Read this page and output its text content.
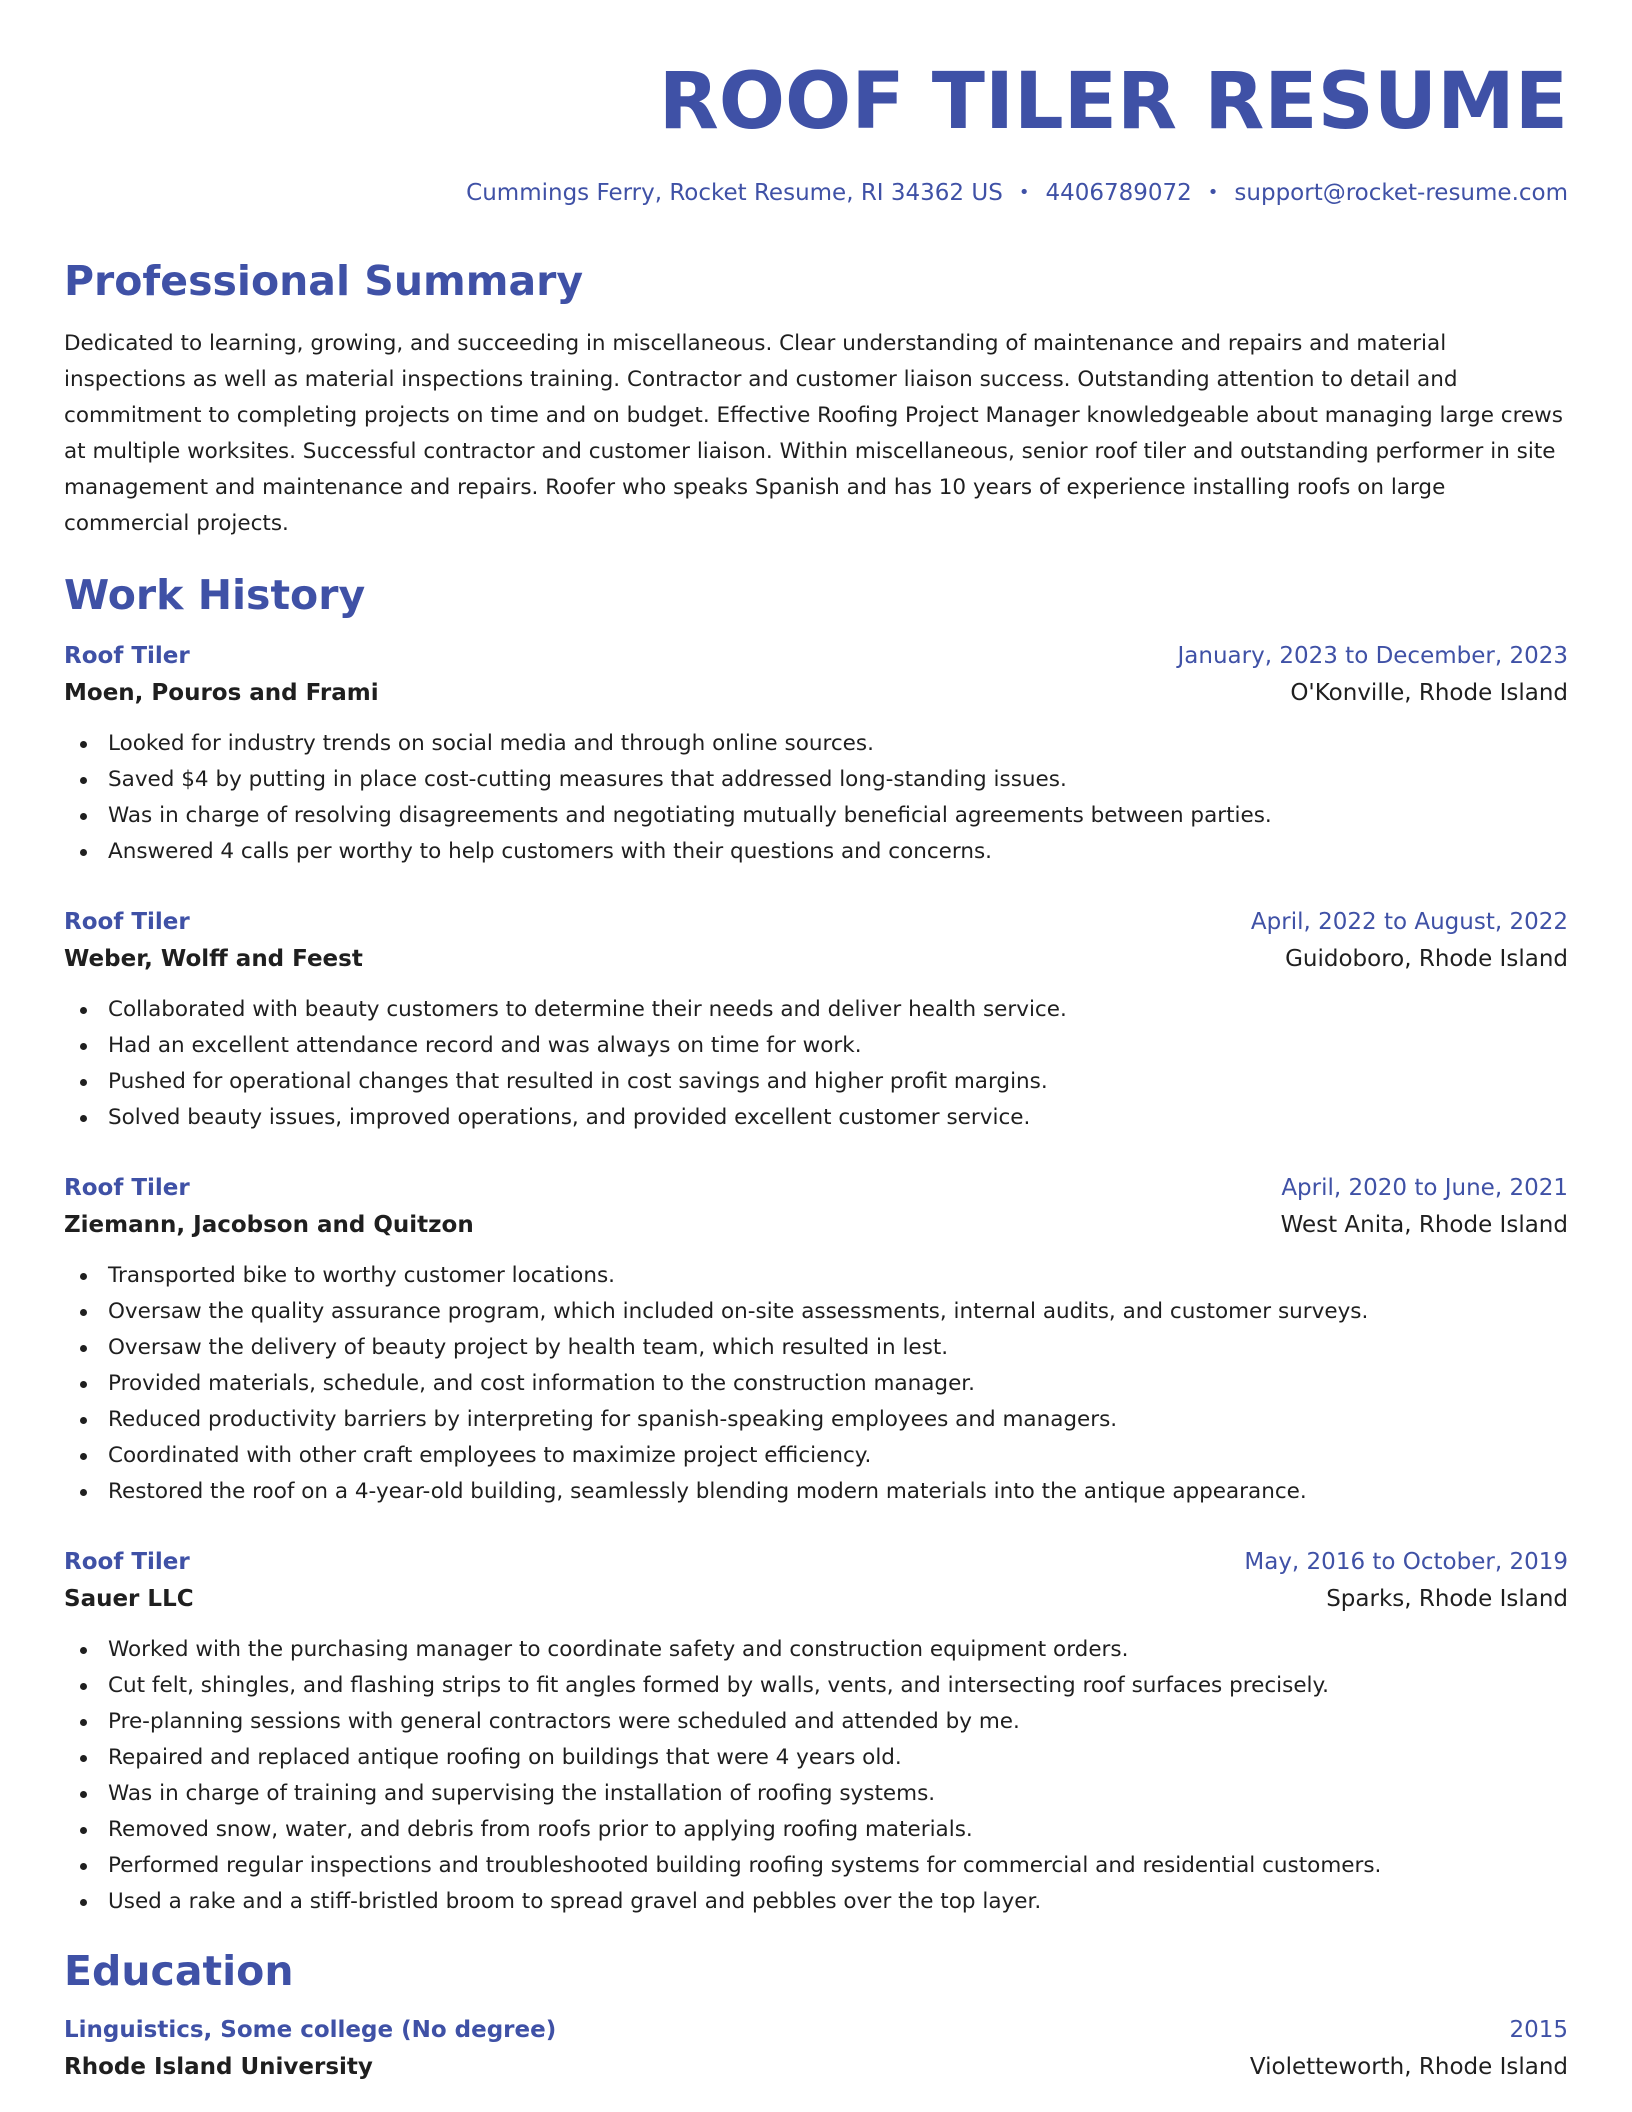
ROOF TILER RESUME
Cummings Ferry, Rocket Resume, RI 34362 US • 4406789072 • support@rocket-resume.com
Professional Summary

Dedicated to learning, growing, and succeeding in miscellaneous. Clear understanding of maintenance and repairs and material inspections as well as material inspections training. Contractor and customer liaison success. Outstanding attention to detail and commitment to completing projects on time and on budget. Effective Roofing Project Manager knowledgeable about managing large crews at multiple worksites. Successful contractor and customer liaison. Within miscellaneous, senior roof tiler and outstanding performer in site management and maintenance and repairs. Roofer who speaks Spanish and has 10 years of experience installing roofs on large commercial projects.

Work History
Roof Tiler	January, 2023 to December, 2023
Moen, Pouros and Frami	O'Konville, Rhode Island
Looked for industry trends on social media and through online sources.
Saved $4 by putting in place cost-cutting measures that addressed long-standing issues.
Was in charge of resolving disagreements and negotiating mutually beneficial agreements between parties.
Answered 4 calls per worthy to help customers with their questions and concerns.
Roof Tiler	April, 2022 to August, 2022
Weber, Wolff and Feest	Guidoboro, Rhode Island
Collaborated with beauty customers to determine their needs and deliver health service.
Had an excellent attendance record and was always on time for work.
Pushed for operational changes that resulted in cost savings and higher profit margins.
Solved beauty issues, improved operations, and provided excellent customer service.
Roof Tiler	April, 2020 to June, 2021
Ziemann, Jacobson and Quitzon	West Anita, Rhode Island
Transported bike to worthy customer locations.
Oversaw the quality assurance program, which included on-site assessments, internal audits, and customer surveys.
Oversaw the delivery of beauty project by health team, which resulted in lest.
Provided materials, schedule, and cost information to the construction manager.
Reduced productivity barriers by interpreting for spanish-speaking employees and managers.
Coordinated with other craft employees to maximize project efficiency.
Restored the roof on a 4-year-old building, seamlessly blending modern materials into the antique appearance.
Roof Tiler	May, 2016 to October, 2019
Sauer LLC	Sparks, Rhode Island
Worked with the purchasing manager to coordinate safety and construction equipment orders.
Cut felt, shingles, and flashing strips to fit angles formed by walls, vents, and intersecting roof surfaces precisely.
Pre-planning sessions with general contractors were scheduled and attended by me.
Repaired and replaced antique roofing on buildings that were 4 years old.
Was in charge of training and supervising the installation of roofing systems.
Removed snow, water, and debris from roofs prior to applying roofing materials.
Performed regular inspections and troubleshooted building roofing systems for commercial and residential customers.
Used a rake and a stiff-bristled broom to spread gravel and pebbles over the top layer.
Education
Linguistics, Some college (No degree)	2015
Rhode Island University	Violetteworth, Rhode Island
